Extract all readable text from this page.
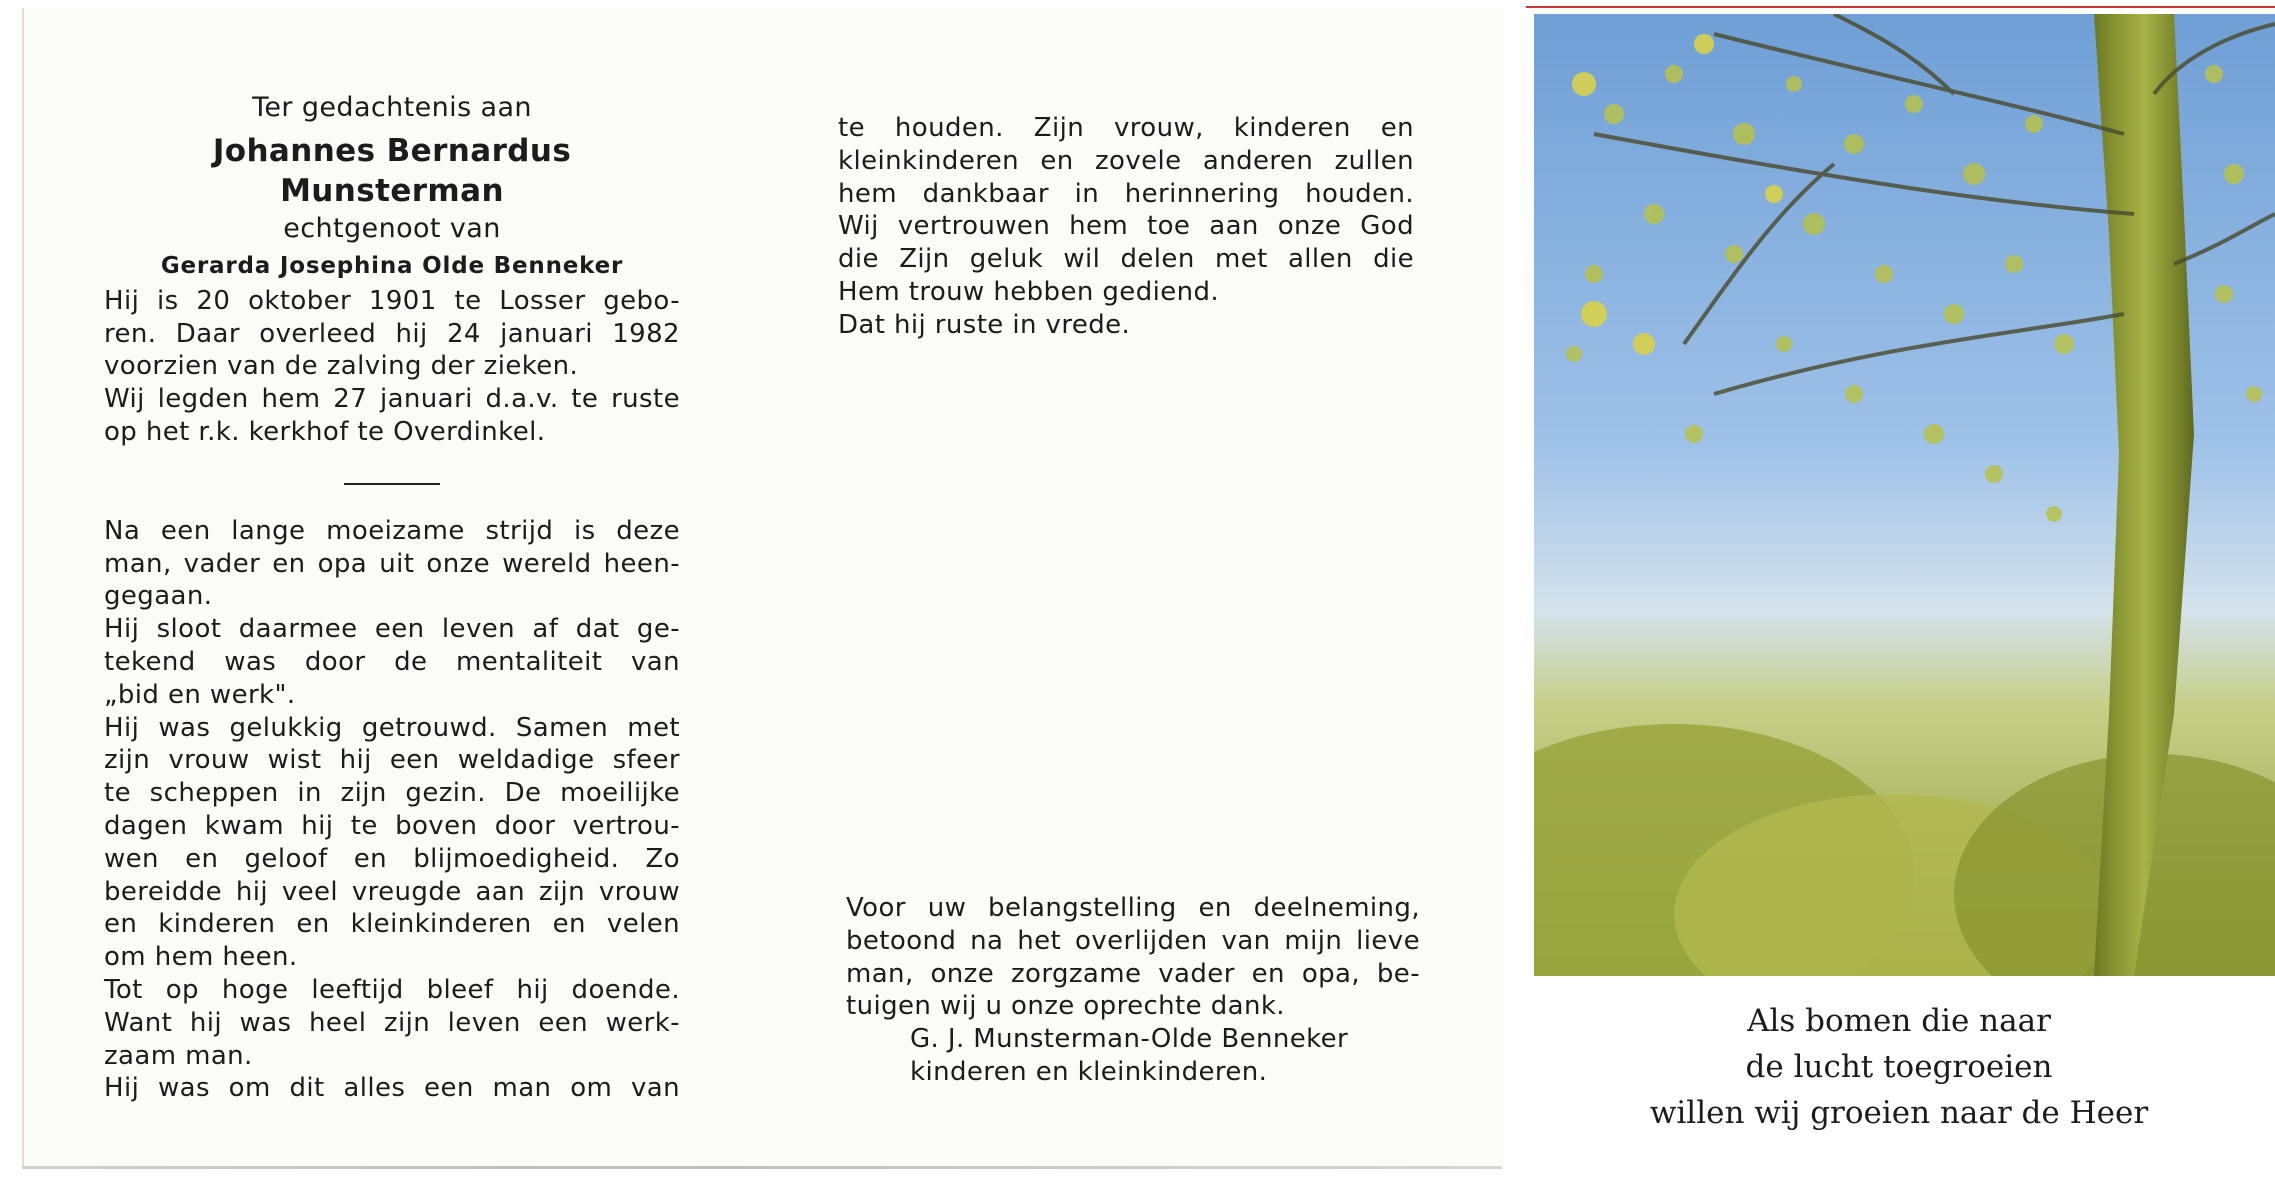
Ter gedachtenis aan
Johannes Bernardus
Munsterman
echtgenoot van
Gerarda Josephina Olde Benneker
Hij is 20 oktober 1901 te Losser gebo-
ren. Daar overleed hij 24 januari 1982
voorzien van de zalving der zieken.
Wij legden hem 27 januari d.a.v. te ruste
op het r.k. kerkhof te Overdinkel.
Na een lange moeizame strijd is deze
man, vader en opa uit onze wereld heen-
gegaan.
Hij sloot daarmee een leven af dat ge-
tekend was door de mentaliteit van
„bid en werk".
Hij was gelukkig getrouwd. Samen met
zijn vrouw wist hij een weldadige sfeer
te scheppen in zijn gezin. De moeilijke
dagen kwam hij te boven door vertrou-
wen en geloof en blijmoedigheid. Zo
bereidde hij veel vreugde aan zijn vrouw
en kinderen en kleinkinderen en velen
om hem heen.
Tot op hoge leeftijd bleef hij doende.
Want hij was heel zijn leven een werk-
zaam man.
Hij was om dit alles een man om van
te houden. Zijn vrouw, kinderen en
kleinkinderen en zovele anderen zullen
hem dankbaar in herinnering houden.
Wij vertrouwen hem toe aan onze God
die Zijn geluk wil delen met allen die
Hem trouw hebben gediend.
Dat hij ruste in vrede.
Voor uw belangstelling en deelneming,
betoond na het overlijden van mijn lieve
man, onze zorgzame vader en opa, be-
tuigen wij u onze oprechte dank.
G. J. Munsterman-Olde Benneker
kinderen en kleinkinderen.
Als bomen die naar
de lucht toegroeien
willen wij groeien naar de Heer
